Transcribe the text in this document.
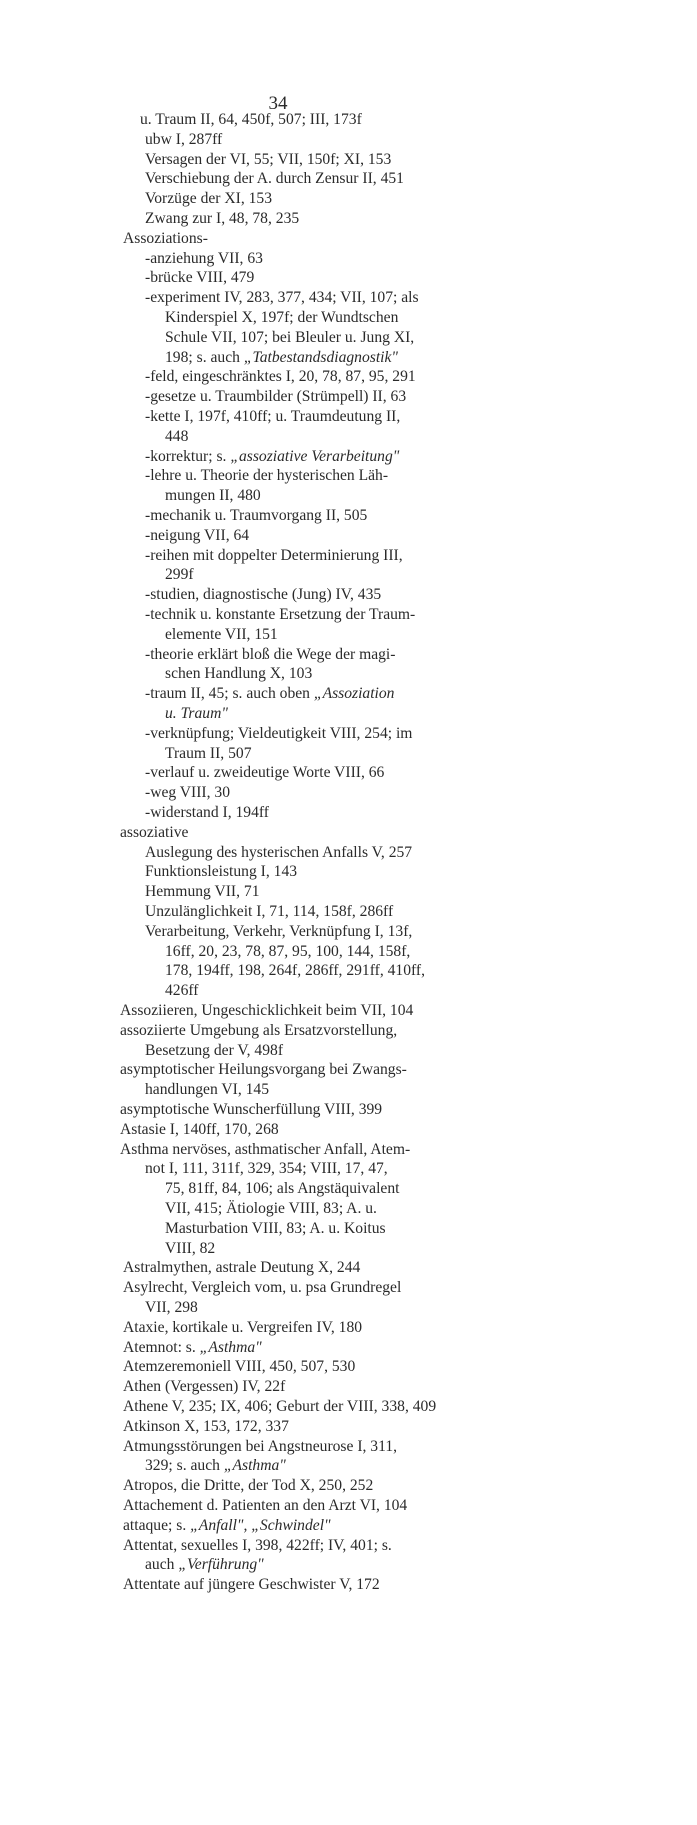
34
u. Traum II, 64, 450f, 507; III, 173f
ubw I, 287ff
Versagen der VI, 55; VII, 150f; XI, 153
Verschiebung der A. durch Zensur II, 451
Vorzüge der XI, 153
Zwang zur I, 48, 78, 235
Assoziations-
-anziehung VII, 63
-brücke VIII, 479
-experiment IV, 283, 377, 434; VII, 107; als
Kinderspiel X, 197f; der Wundtschen
Schule VII, 107; bei Bleuler u. Jung XI,
198; s. auch „Tatbestandsdiagnostik"
-feld, eingeschränktes I, 20, 78, 87, 95, 291
-gesetze u. Traumbilder (Strümpell) II, 63
-kette I, 197f, 410ff; u. Traumdeutung II,
448
-korrektur; s. „assoziative Verarbeitung"
-lehre u. Theorie der hysterischen Läh-
mungen II, 480
-mechanik u. Traumvorgang II, 505
-neigung VII, 64
-reihen mit doppelter Determinierung III,
299f
-studien, diagnostische (Jung) IV, 435
-technik u. konstante Ersetzung der Traum-
elemente VII, 151
-theorie erklärt bloß die Wege der magi-
schen Handlung X, 103
-traum II, 45; s. auch oben „Assoziation
u. Traum"
-verknüpfung; Vieldeutigkeit VIII, 254; im
Traum II, 507
-verlauf u. zweideutige Worte VIII, 66
-weg VIII, 30
-widerstand I, 194ff
assoziative
Auslegung des hysterischen Anfalls V, 257
Funktionsleistung I, 143
Hemmung VII, 71
Unzulänglichkeit I, 71, 114, 158f, 286ff
Verarbeitung, Verkehr, Verknüpfung I, 13f,
16ff, 20, 23, 78, 87, 95, 100, 144, 158f,
178, 194ff, 198, 264f, 286ff, 291ff, 410ff,
426ff
Assoziieren, Ungeschicklichkeit beim VII, 104
assoziierte Umgebung als Ersatzvorstellung,
Besetzung der V, 498f
asymptotischer Heilungsvorgang bei Zwangs-
handlungen VI, 145
asymptotische Wunscherfüllung VIII, 399
Astasie I, 140ff, 170, 268
Asthma nervöses, asthmatischer Anfall, Atem-
not I, 111, 311f, 329, 354; VIII, 17, 47,
75, 81ff, 84, 106; als Angstäquivalent
VII, 415; Ätiologie VIII, 83; A. u.
Masturbation VIII, 83; A. u. Koitus
VIII, 82
Astralmythen, astrale Deutung X, 244
Asylrecht, Vergleich vom, u. psa Grundregel
VII, 298
Ataxie, kortikale u. Vergreifen IV, 180
Atemnot: s. „Asthma"
Atemzeremoniell VIII, 450, 507, 530
Athen (Vergessen) IV, 22f
Athene V, 235; IX, 406; Geburt der VIII, 338, 409
Atkinson X, 153, 172, 337
Atmungsstörungen bei Angstneurose I, 311,
329; s. auch „Asthma"
Atropos, die Dritte, der Tod X, 250, 252
Attachement d. Patienten an den Arzt VI, 104
attaque; s. „Anfall", „Schwindel"
Attentat, sexuelles I, 398, 422ff; IV, 401; s.
auch „Verführung"
Attentate auf jüngere Geschwister V, 172
